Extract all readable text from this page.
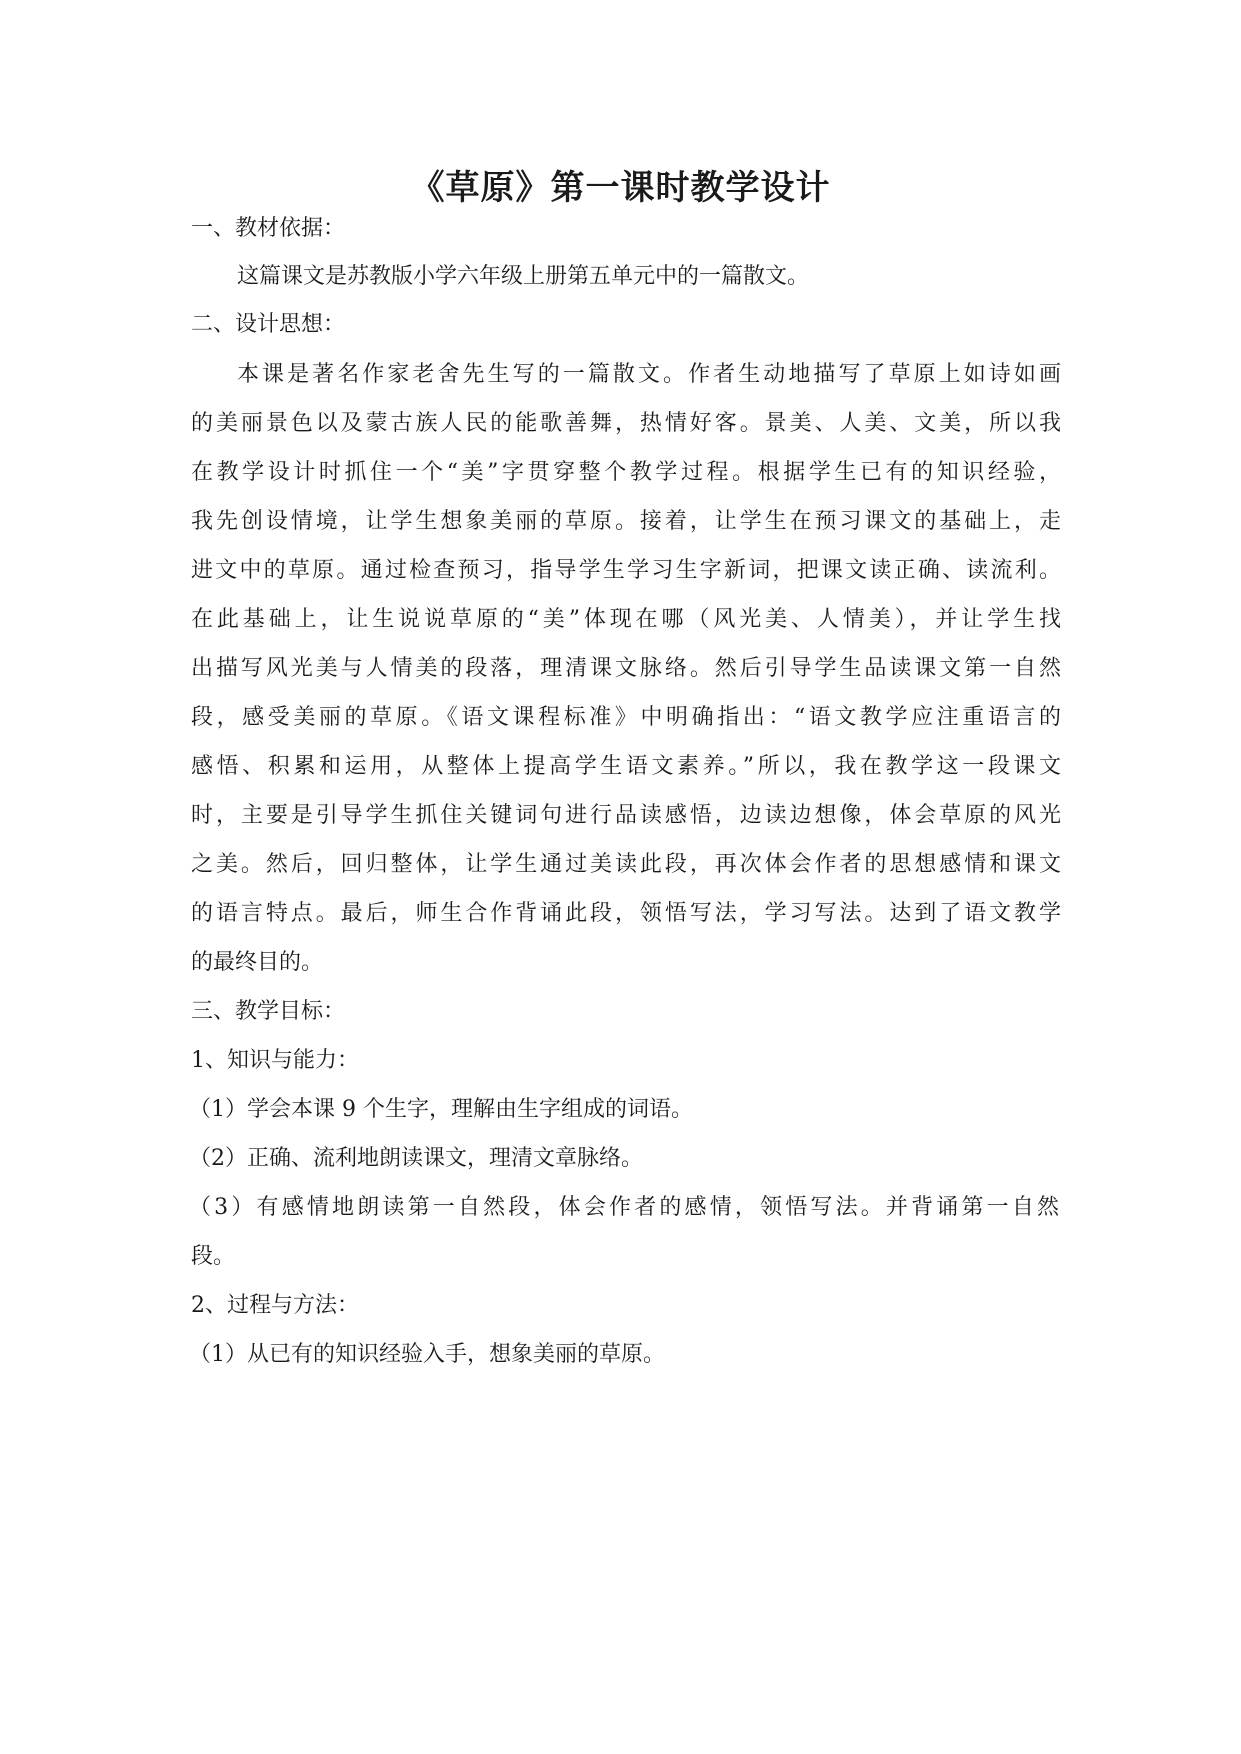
《草原》第一课时教学设计

一、教材依据：

这篇课文是苏教版小学六年级上册第五单元中的一篇散文。

二、设计思想：

本课是著名作家老舍先生写的一篇散文。作者生动地描写了草原上如诗如画

的美丽景色以及蒙古族人民的能歌善舞，热情好客。景美、人美、文美，所以我

在教学设计时抓住一个“美”字贯穿整个教学过程。根据学生已有的知识经验，

我先创设情境，让学生想象美丽的草原。接着，让学生在预习课文的基础上，走

进文中的草原。通过检查预习，指导学生学习生字新词，把课文读正确、读流利。

在此基础上，让生说说草原的“美”体现在哪（风光美、人情美），并让学生找

出描写风光美与人情美的段落，理清课文脉络。然后引导学生品读课文第一自然

段，感受美丽的草原。《语文课程标准》中明确指出：“语文教学应注重语言的

感悟、积累和运用，从整体上提高学生语文素养。”所以，我在教学这一段课文

时，主要是引导学生抓住关键词句进行品读感悟，边读边想像，体会草原的风光

之美。然后，回归整体，让学生通过美读此段，再次体会作者的思想感情和课文

的语言特点。最后，师生合作背诵此段，领悟写法，学习写法。达到了语文教学

的最终目的。

三、教学目标：

1、知识与能力：

（1）学会本课 9 个生字，理解由生字组成的词语。

（2）正确、流利地朗读课文，理清文章脉络。

（3）有感情地朗读第一自然段，体会作者的感情，领悟写法。并背诵第一自然

段。

2、过程与方法：

（1）从已有的知识经验入手，想象美丽的草原。
